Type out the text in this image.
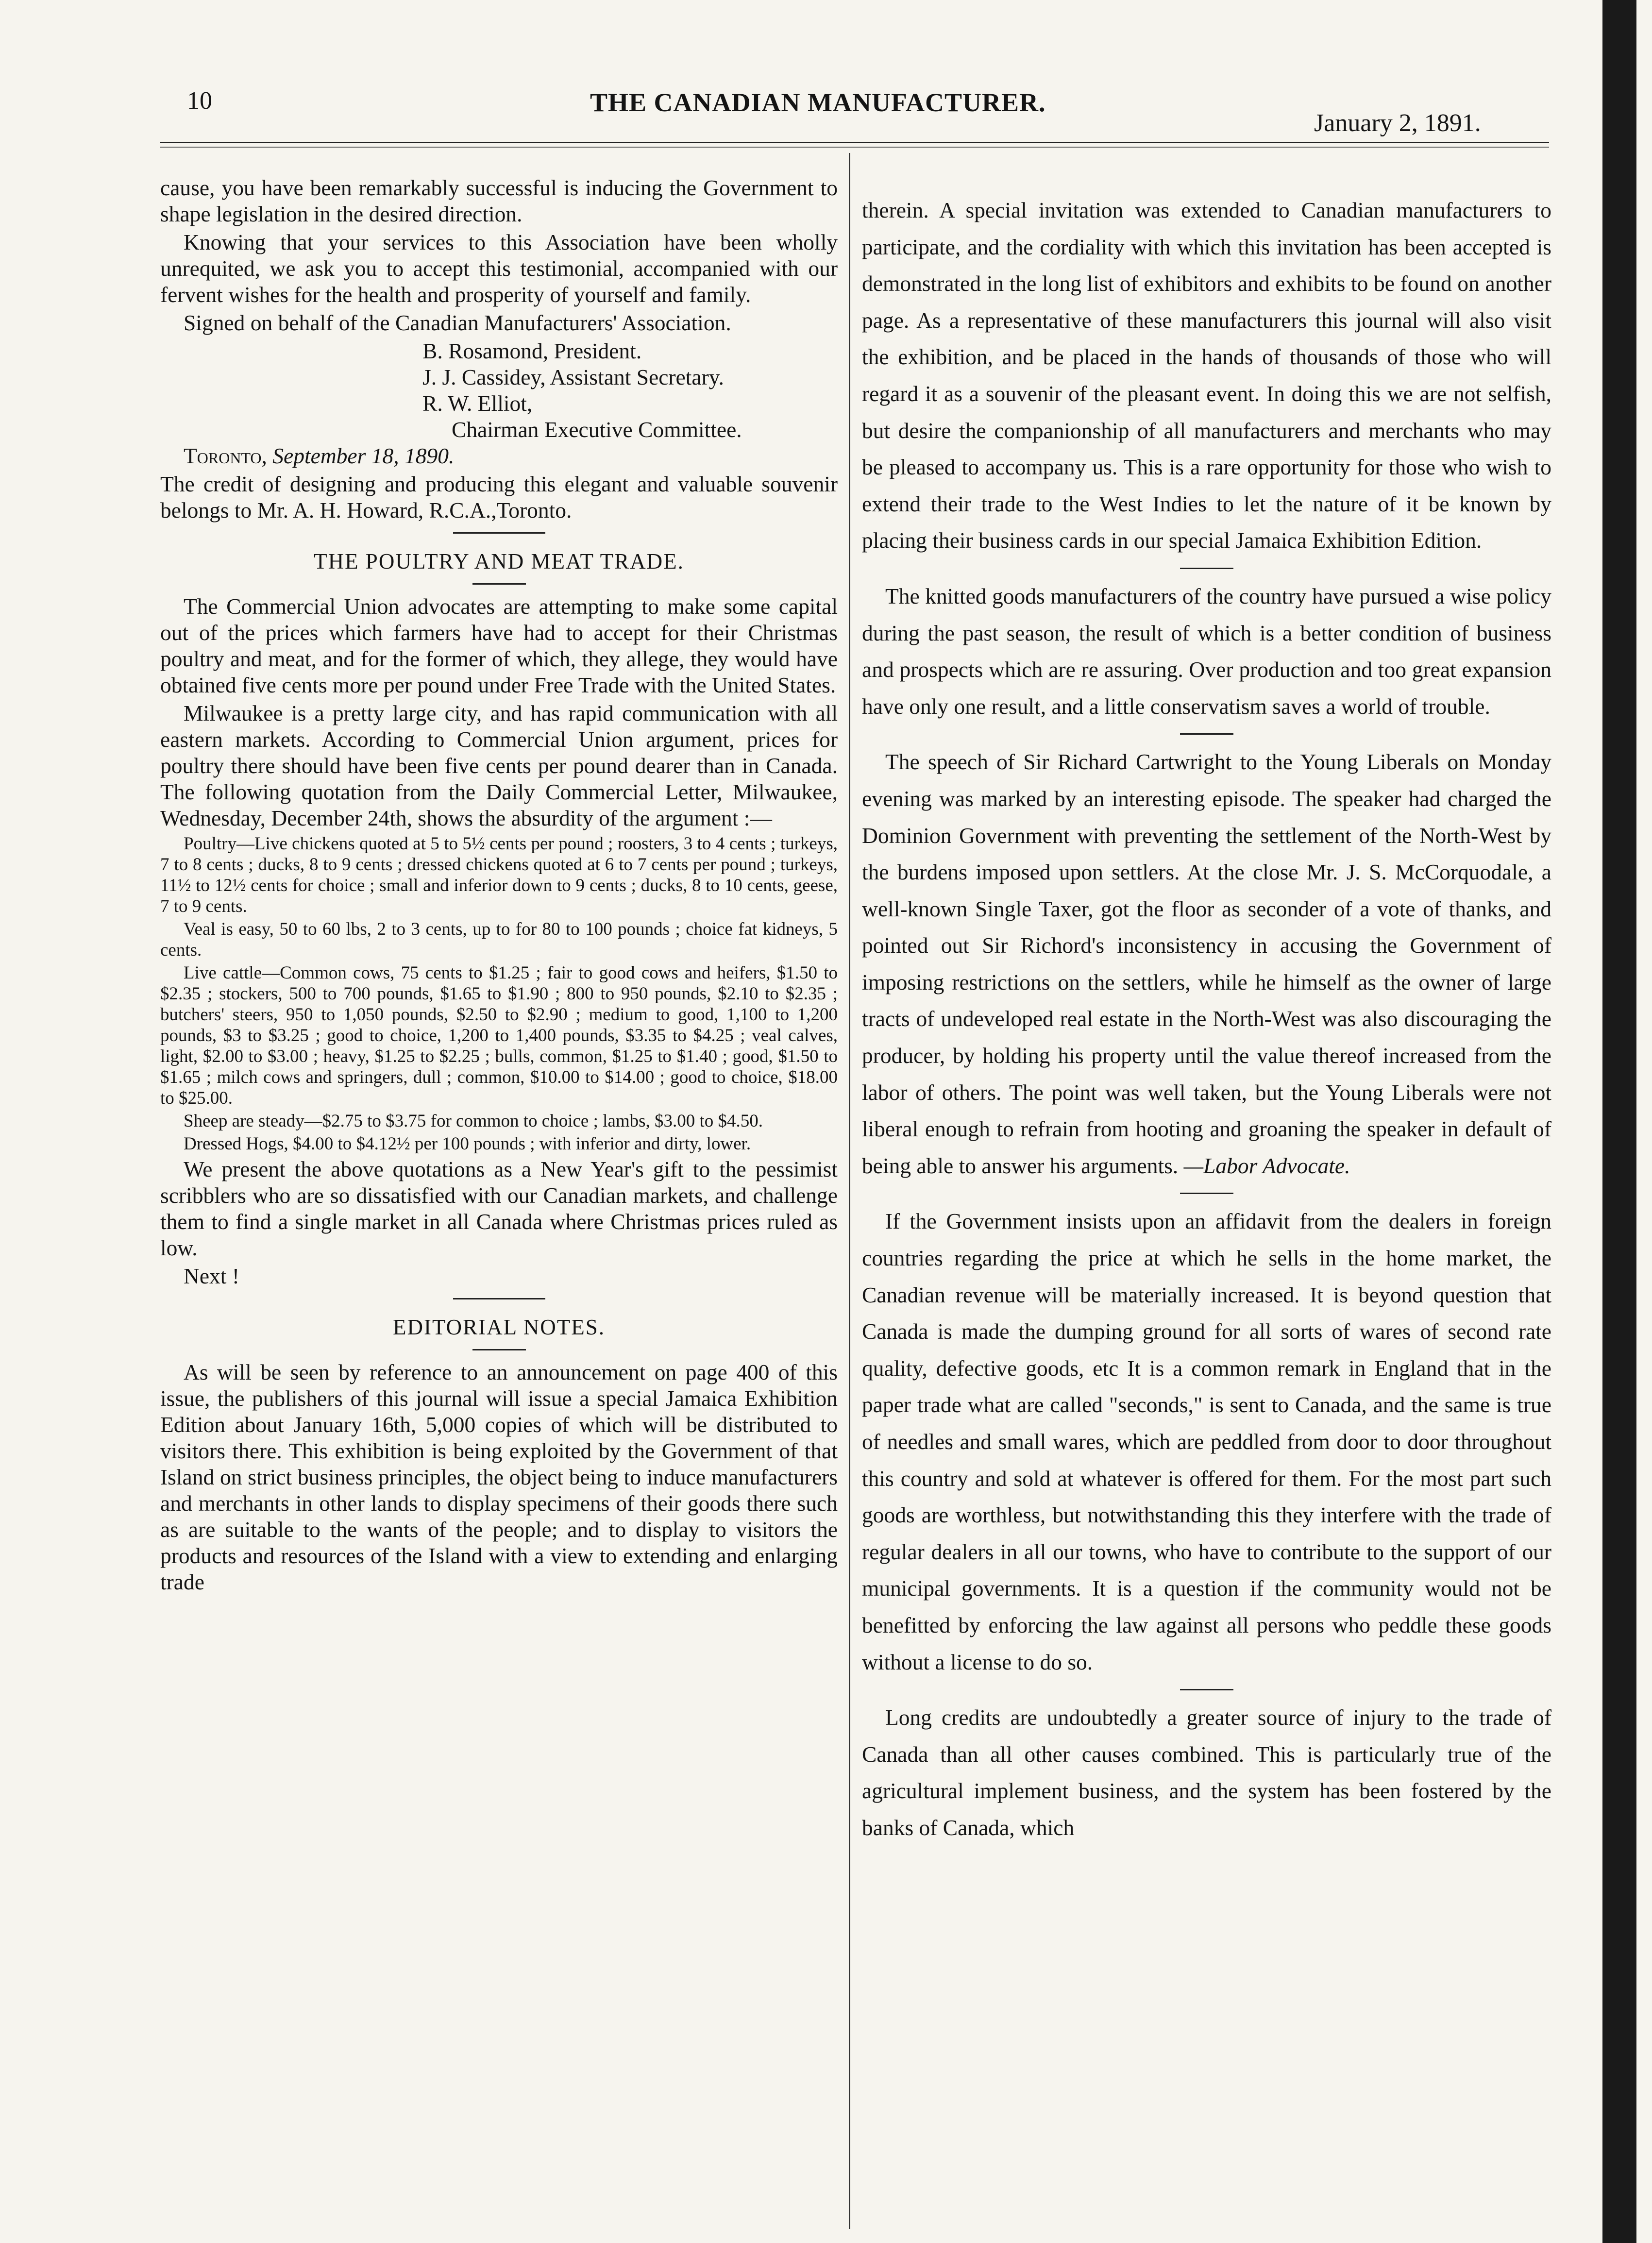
10	THE CANADIAN MANUFACTURER.
January 2, 1891.

cause, you have been remarkably successful is inducing the Government to shape legislation in the desired direction.

Knowing that your services to this Association have been wholly unrequited, we ask you to accept this testimonial, accompanied with our fervent wishes for the health and prosperity of yourself and family.

Signed on behalf of the Canadian Manufacturers' Association.

B. Rosamond, President.
J. J. Cassidey, Assistant Secretary.
R. W. Elliot,
Chairman Executive Committee.

Toronto, September 18, 1890.

The credit of designing and producing this elegant and valuable souvenir belongs to Mr. A. H. Howard, R.C.A.,Toronto.

THE POULTRY AND MEAT TRADE.

The Commercial Union advocates are attempting to make some capital out of the prices which farmers have had to accept for their Christmas poultry and meat, and for the former of which, they allege, they would have obtained five cents more per pound under Free Trade with the United States.

Milwaukee is a pretty large city, and has rapid communication with all eastern markets. According to Commercial Union argument, prices for poultry there should have been five cents per pound dearer than in Canada. The following quotation from the Daily Commercial Letter, Milwaukee, Wednesday, December 24th, shows the absurdity of the argument :—

Poultry—Live chickens quoted at 5 to 5½ cents per pound ; roosters, 3 to 4 cents ; turkeys, 7 to 8 cents ; ducks, 8 to 9 cents ; dressed chickens quoted at 6 to 7 cents per pound ; turkeys, 11½ to 12½ cents for choice ; small and inferior down to 9 cents ; ducks, 8 to 10 cents, geese, 7 to 9 cents.

Veal is easy, 50 to 60 lbs, 2 to 3 cents, up to for 80 to 100 pounds ; choice fat kidneys, 5 cents.

Live cattle—Common cows, 75 cents to $1.25 ; fair to good cows and heifers, $1.50 to $2.35 ; stockers, 500 to 700 pounds, $1.65 to $1.90 ; 800 to 950 pounds, $2.10 to $2.35 ; butchers' steers, 950 to 1,050 pounds, $2.50 to $2.90 ; medium to good, 1,100 to 1,200 pounds, $3 to $3.25 ; good to choice, 1,200 to 1,400 pounds, $3.35 to $4.25 ; veal calves, light, $2.00 to $3.00 ; heavy, $1.25 to $2.25 ; bulls, common, $1.25 to $1.40 ; good, $1.50 to $1.65 ; milch cows and springers, dull ; common, $10.00 to $14.00 ; good to choice, $18.00 to $25.00.

Sheep are steady—$2.75 to $3.75 for common to choice ; lambs, $3.00 to $4.50.

Dressed Hogs, $4.00 to $4.12½ per 100 pounds ; with inferior and dirty, lower.

We present the above quotations as a New Year's gift to the pessimist scribblers who are so dissatisfied with our Canadian markets, and challenge them to find a single market in all Canada where Christmas prices ruled as low.

Next !

EDITORIAL NOTES.

As will be seen by reference to an announcement on page 400 of this issue, the publishers of this journal will issue a special Jamaica Exhibition Edition about January 16th, 5,000 copies of which will be distributed to visitors there. This exhibition is being exploited by the Government of that Island on strict business principles, the object being to induce manufacturers and merchants in other lands to display specimens of their goods there such as are suitable to the wants of the people; and to display to visitors the products and resources of the Island with a view to extending and enlarging trade

therein. A special invitation was extended to Canadian manufacturers to participate, and the cordiality with which this invitation has been accepted is demonstrated in the long list of exhibitors and exhibits to be found on another page. As a representative of these manufacturers this journal will also visit the exhibition, and be placed in the hands of thousands of those who will regard it as a souvenir of the pleasant event. In doing this we are not selfish, but desire the companionship of all manufacturers and merchants who may be pleased to accompany us. This is a rare opportunity for those who wish to extend their trade to the West Indies to let the nature of it be known by placing their business cards in our special Jamaica Exhibition Edition.

The knitted goods manufacturers of the country have pursued a wise policy during the past season, the result of which is a better condition of business and prospects which are re assuring. Over production and too great expansion have only one result, and a little conservatism saves a world of trouble.

The speech of Sir Richard Cartwright to the Young Liberals on Monday evening was marked by an interesting episode. The speaker had charged the Dominion Government with preventing the settlement of the North-West by the burdens imposed upon settlers. At the close Mr. J. S. McCorquodale, a well-known Single Taxer, got the floor as seconder of a vote of thanks, and pointed out Sir Richord's inconsistency in accusing the Government of imposing restrictions on the settlers, while he himself as the owner of large tracts of undeveloped real estate in the North-West was also discouraging the producer, by holding his property until the value thereof increased from the labor of others. The point was well taken, but the Young Liberals were not liberal enough to refrain from hooting and groaning the speaker in default of being able to answer his arguments. —Labor Advocate.

If the Government insists upon an affidavit from the dealers in foreign countries regarding the price at which he sells in the home market, the Canadian revenue will be materially increased. It is beyond question that Canada is made the dumping ground for all sorts of wares of second rate quality, defective goods, etc It is a common remark in England that in the paper trade what are called "seconds," is sent to Canada, and the same is true of needles and small wares, which are peddled from door to door throughout this country and sold at whatever is offered for them. For the most part such goods are worthless, but notwithstanding this they interfere with the trade of regular dealers in all our towns, who have to contribute to the support of our municipal governments. It is a question if the community would not be benefitted by enforcing the law against all persons who peddle these goods without a license to do so.

Long credits are undoubtedly a greater source of injury to the trade of Canada than all other causes combined. This is particularly true of the agricultural implement business, and the system has been fostered by the banks of Canada, which
